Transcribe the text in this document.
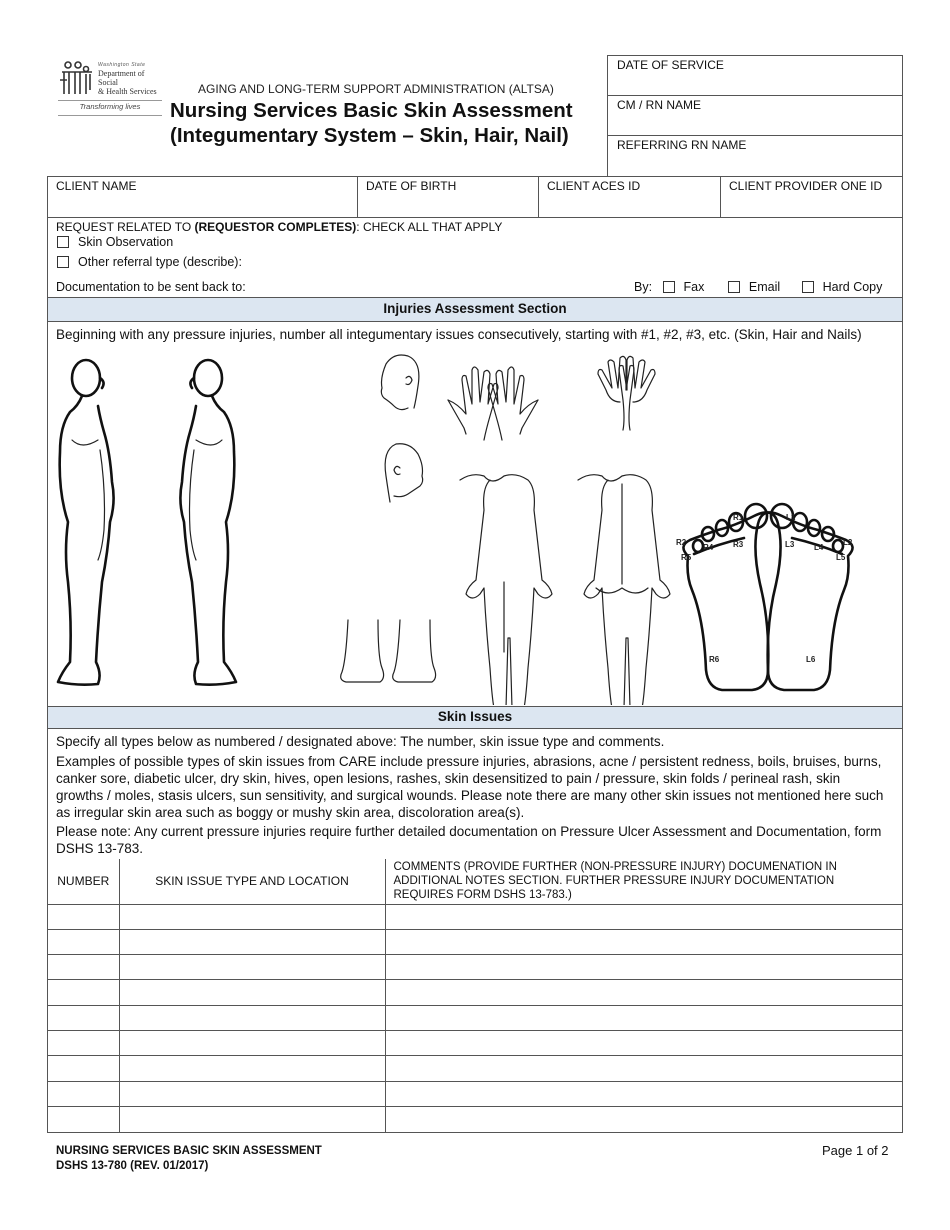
Washington State
Department of Social
& Health Services
Transforming lives
AGING AND LONG-TERM SUPPORT ADMINISTRATION (ALTSA)
Nursing Services Basic Skin Assessment
(Integumentary System – Skin, Hair, Nail)
DATE OF SERVICE
CM / RN NAME
REFERRING RN NAME
CLIENT NAME	DATE OF BIRTH	CLIENT ACES ID	CLIENT PROVIDER ONE ID
REQUEST RELATED TO (REQUESTOR COMPLETES): CHECK ALL THAT APPLY
Skin Observation
Other referral type (describe):
Documentation to be sent back to:	By:	Fax	Email	Hard Copy
Injuries Assessment Section
Beginning with any pressure injuries, number all integumentary issues consecutively, starting with #1, #2, #3, etc. (Skin, Hair and Nails)
R1
R2	R3
R4
R5
R6
L1
L2
L3 L4
L5
L6
Skin Issues
Specify all types below as numbered / designated above: The number, skin issue type and comments.
Examples of possible types of skin issues from CARE include pressure injuries, abrasions, acne / persistent redness, boils, bruises, burns, canker sore, diabetic ulcer, dry skin, hives, open lesions, rashes, skin desensitized to pain / pressure, skin folds / perineal rash, skin growths / moles, stasis ulcers, sun sensitivity, and surgical wounds. Please note there are many other skin issues not mentioned here such as irregular skin area such as boggy or mushy skin area, discoloration area(s).
Please note: Any current pressure injuries require further detailed documentation on Pressure Ulcer Assessment and Documentation, form DSHS 13-783.
NUMBER	SKIN ISSUE TYPE AND LOCATION	COMMENTS (PROVIDE FURTHER (NON-PRESSURE INJURY) DOCUMENATION IN ADDITIONAL NOTES SECTION. FURTHER PRESSURE INJURY DOCUMENTATION REQUIRES FORM DSHS 13-783.)

NURSING SERVICES BASIC SKIN ASSESSMENT
DSHS 13-780 (REV. 01/2017)
Page 1 of 2
